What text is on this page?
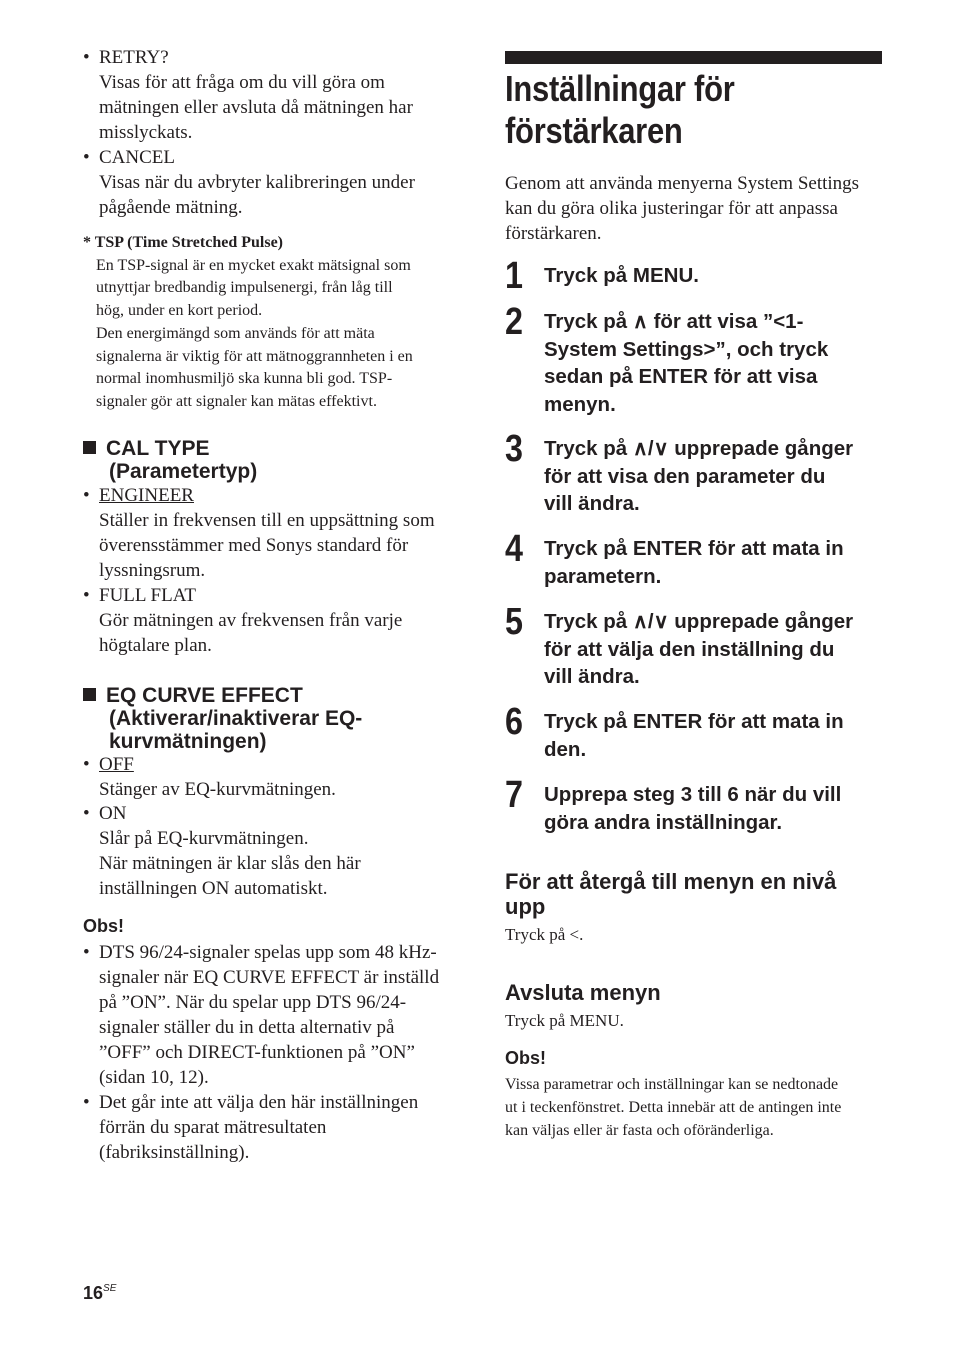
• RETRY?
Visas för att fråga om du vill göra om
mätningen eller avsluta då mätningen har
misslyckats.
• CANCEL
Visas när du avbryter kalibreringen under
pågående mätning.
* TSP (Time Stretched Pulse)
En TSP-signal är en mycket exakt mätsignal som
utnyttjar bredbandig impulsenergi, från låg till
hög, under en kort period.
Den energimängd som används för att mäta
signalerna är viktig för att mätnoggrannheten i en
normal inomhusmiljö ska kunna bli god. TSP-
signaler gör att signaler kan mätas effektivt.
CAL TYPE
(Parametertyp)
• ENGINEER
Ställer in frekvensen till en uppsättning som
överensstämmer med Sonys standard för
lyssningsrum.
• FULL FLAT
Gör mätningen av frekvensen från varje
högtalare plan.
EQ CURVE EFFECT
(Aktiverar/inaktiverar EQ-
kurvmätningen)
• OFF
Stänger av EQ-kurvmätningen.
• ON
Slår på EQ-kurvmätningen.
När mätningen är klar slås den här
inställningen ON automatiskt.
Obs!
• DTS 96/24-signaler spelas upp som 48 kHz-
signaler när EQ CURVE EFFECT är inställd
på ”ON”. När du spelar upp DTS 96/24-
signaler ställer du in detta alternativ på
”OFF” och DIRECT-funktionen på ”ON”
(sidan 10, 12).
• Det går inte att välja den här inställningen
förrän du sparat mätresultaten
(fabriksinställning).
Inställningar för
förstärkaren
Genom att använda menyerna System Settings
kan du göra olika justeringar för att anpassa
förstärkaren.
1 Tryck på MENU.
2 Tryck på ∧ för att visa ”<1-
System Settings>”, och tryck
sedan på ENTER för att visa
menyn.
3 Tryck på ∧/∨ upprepade gånger
för att visa den parameter du
vill ändra.
4 Tryck på ENTER för att mata in
parametern.
5 Tryck på ∧/∨ upprepade gånger
för att välja den inställning du
vill ändra.
6 Tryck på ENTER för att mata in
den.
7 Upprepa steg 3 till 6 när du vill
göra andra inställningar.
För att återgå till menyn en nivå
upp
Tryck på <.
Avsluta menyn
Tryck på MENU.
Obs!
Vissa parametrar och inställningar kan se nedtonade
ut i teckenfönstret. Detta innebär att de antingen inte
kan väljas eller är fasta och oföränderliga.
$16^{SE}$
